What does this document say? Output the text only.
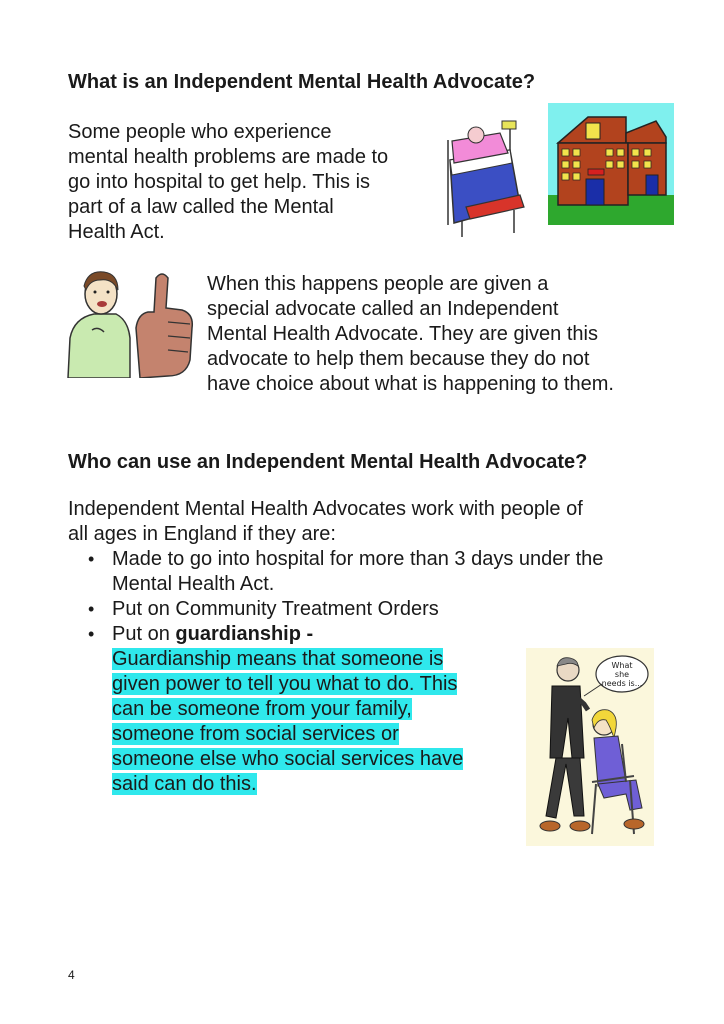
What is an Independent Mental Health Advocate?
Some people who experience
mental health problems are made to
go into hospital to get help. This is
part of a law called the Mental
Health Act.
When this happens people are given a
special advocate called an Independent
Mental Health Advocate. They are given this
advocate to help them because they do not
have choice about what is happening to them.
Who can use an Independent Mental Health Advocate?
Independent Mental Health Advocates work with people of
all ages in England if they are:
• Made to go into hospital for more than 3 days under the
Mental Health Act.
• Put on Community Treatment Orders
• Put on guardianship -
Guardianship means that someone is
given power to tell you what to do. This
can be someone from your family,
someone from social services or
someone else who social services have
said can do this.
What
she
needs is...
4
